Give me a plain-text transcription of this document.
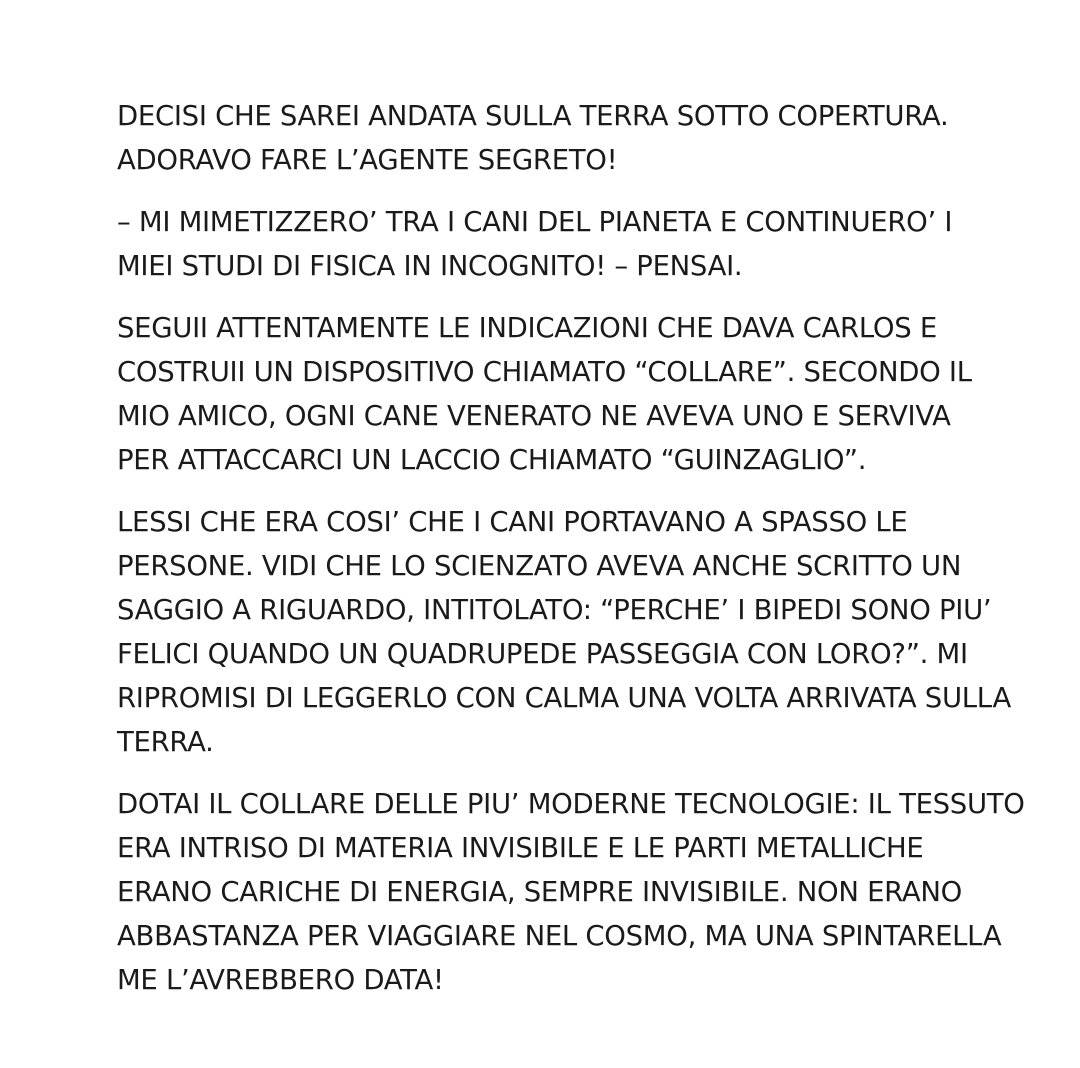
DECISI CHE SAREI ANDATA SULLA TERRA SOTTO COPERTURA.
ADORAVO FARE L’AGENTE SEGRETO!

– MI MIMETIZZERO’ TRA I CANI DEL PIANETA E CONTINUERO’ I
MIEI STUDI DI FISICA IN INCOGNITO! – PENSAI.

SEGUII ATTENTAMENTE LE INDICAZIONI CHE DAVA CARLOS E
COSTRUII UN DISPOSITIVO CHIAMATO “COLLARE”. SECONDO IL
MIO AMICO, OGNI CANE VENERATO NE AVEVA UNO E SERVIVA
PER ATTACCARCI UN LACCIO CHIAMATO “GUINZAGLIO”.

LESSI CHE ERA COSI’ CHE I CANI PORTAVANO A SPASSO LE
PERSONE. VIDI CHE LO SCIENZATO AVEVA ANCHE SCRITTO UN
SAGGIO A RIGUARDO, INTITOLATO: “PERCHE’ I BIPEDI SONO PIU’
FELICI QUANDO UN QUADRUPEDE PASSEGGIA CON LORO?”. MI
RIPROMISI DI LEGGERLO CON CALMA UNA VOLTA ARRIVATA SULLA
TERRA.

DOTAI IL COLLARE DELLE PIU’ MODERNE TECNOLOGIE: IL TESSUTO
ERA INTRISO DI MATERIA INVISIBILE E LE PARTI METALLICHE
ERANO CARICHE DI ENERGIA, SEMPRE INVISIBILE. NON ERANO
ABBASTANZA PER VIAGGIARE NEL COSMO, MA UNA SPINTARELLA
ME L’AVREBBERO DATA!
